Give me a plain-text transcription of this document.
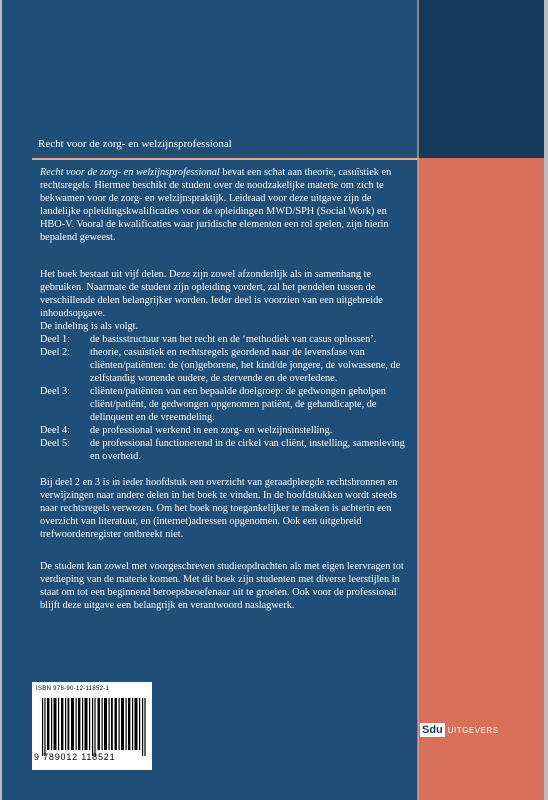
Recht voor de zorg- en welzijnsprofessional

Recht voor de zorg- en welzijnsprofessional bevat een schat aan theorie, casuïstiek en rechtsregels. Hiermee beschikt de student over de noodzakelijke materie om zich te bekwamen voor de zorg- en welzijnspraktijk. Leidraad voor deze uitgave zijn de landelijke opleidingskwalificaties voor de opleidingen MWD/SPH (Social Work) en HBO-V. Vooral de kwalificaties waar juridische elementen een rol spelen, zijn hierin bepalend geweest.

Het boek bestaat uit vijf delen. Deze zijn zowel afzonderlijk als in samenhang te gebruiken. Naarmate de student zijn opleiding vordert, zal het pendelen tussen de verschillende delen belangrijker worden. Ieder deel is voorzien van een uitgebreide inhoudsopgave.

De indeling is als volgt.

Deel 1:	de basisstructuur van het recht en de ‘methodiek van casus oplossen’.
Deel 2:	theorie, casuïstiek en rechtsregels geordend naar de levensfase van cliënten/patiënten: de (on)geborene, het kind/de jongere, de volwassene, de zelfstandig wonende oudere, de stervende en de overledene.
Deel 3:	cliënten/patiënten van een bepaalde doelgroep: de gedwongen geholpen cliënt/patiënt, de gedwongen opgenomen patiënt, de gehandicapte, de delinquent en de vreemdeling.
Deel 4:	de professional werkend in een zorg- en welzijnsinstelling.
Deel 5:	de professional functionerend in de cirkel van cliënt, instelling, samenleving en overheid.
Bij deel 2 en 3 is in ieder hoofdstuk een overzicht van geraadpleegde rechtsbronnen en verwijzingen naar andere delen in het boek te vinden. In de hoofdstukken wordt steeds naar rechtsregels verwezen. Om het boek nog toegankelijker te maken is achterin een overzicht van literatuur, en (internet)adressen opgenomen. Ook een uitgebreid trefwoordenregister ontbreekt niet.
De student kan zowel met voorgeschreven studieopdrachten als met eigen leervragen tot verdieping van de materie komen. Met dit boek zijn studenten met diverse leerstijlen in staat om tot een beginnend beroepsbeoefenaar uit te groeien. Ook voor de professional blijft deze uitgave een belangrijk en verantwoord naslagwerk.
ISBN 978-90-12-11852-1
9 789012 118521
Sdu UITGEVERS
